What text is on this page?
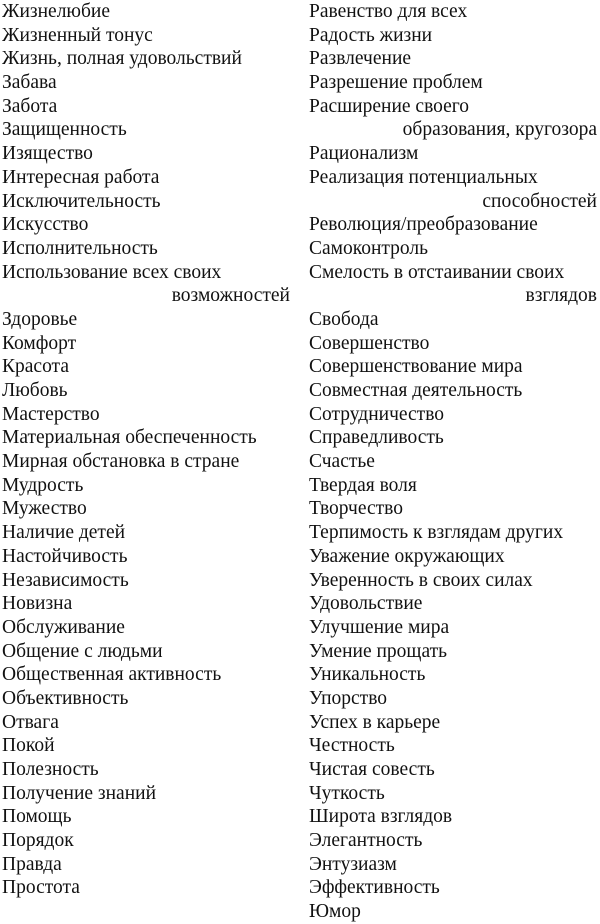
Жизнелюбие
Жизненный тонус
Жизнь, полная удовольствий
Забава
Забота
Защищенность
Изящество
Интересная работа
Исключительность
Искусство
Исполнительность
Использование всех своих
возможностей
Здоровье
Комфорт
Красота
Любовь
Мастерство
Материальная обеспеченность
Мирная обстановка в стране
Мудрость
Мужество
Наличие детей
Настойчивость
Независимость
Новизна
Обслуживание
Общение с людьми
Общественная активность
Объективность
Отвага
Покой
Полезность
Получение знаний
Помощь
Порядок
Правда
Простота
Равенство для всех
Радость жизни
Развлечение
Разрешение проблем
Расширение своего
образования, кругозора
Рационализм
Реализация потенциальных
способностей
Революция/преобразование
Самоконтроль
Смелость в отстаивании своих
взглядов
Свобода
Совершенство
Совершенствование мира
Совместная деятельность
Сотрудничество
Справедливость
Счастье
Твердая воля
Творчество
Терпимость к взглядам других
Уважение окружающих
Уверенность в своих силах
Удовольствие
Улучшение мира
Умение прощать
Уникальность
Упорство
Успех в карьере
Честность
Чистая совесть
Чуткость
Широта взглядов
Элегантность
Энтузиазм
Эффективность
Юмор
